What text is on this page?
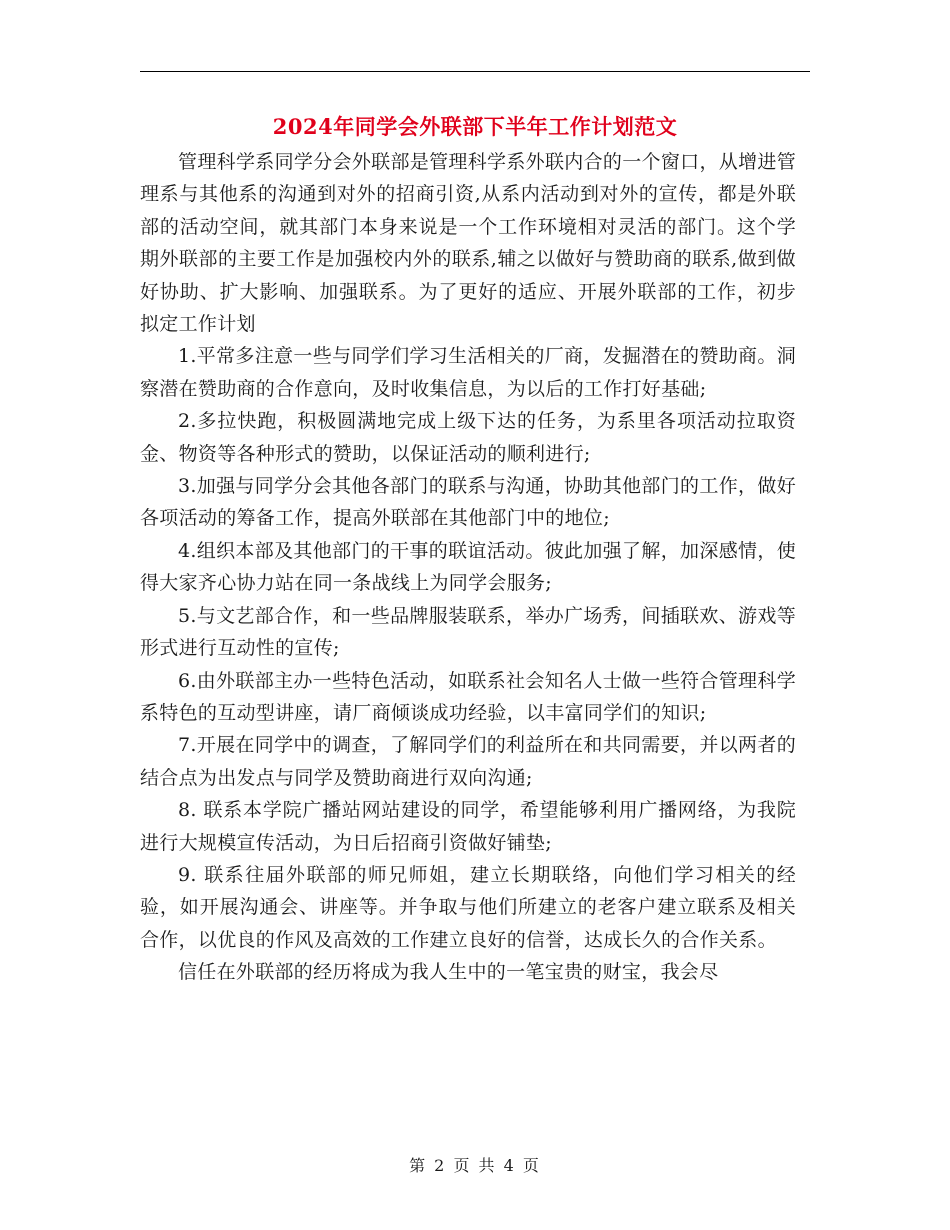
2024年同学会外联部下半年工作计划范文

管理科学系同学分会外联部是管理科学系外联内合的一个窗口，从增进管理系与其他系的沟通到对外的招商引资,从系内活动到对外的宣传，都是外联部的活动空间，就其部门本身来说是一个工作环境相对灵活的部门。这个学期外联部的主要工作是加强校内外的联系,辅之以做好与赞助商的联系,做到做好协助、扩大影响、加强联系。为了更好的适应、开展外联部的工作，初步拟定工作计划

1.平常多注意一些与同学们学习生活相关的厂商，发掘潜在的赞助商。洞察潜在赞助商的合作意向，及时收集信息，为以后的工作打好基础;

2.多拉快跑，积极圆满地完成上级下达的任务，为系里各项活动拉取资金、物资等各种形式的赞助，以保证活动的顺利进行;

3.加强与同学分会其他各部门的联系与沟通，协助其他部门的工作，做好各项活动的筹备工作，提高外联部在其他部门中的地位;

4.组织本部及其他部门的干事的联谊活动。彼此加强了解，加深感情，使得大家齐心协力站在同一条战线上为同学会服务;

5.与文艺部合作，和一些品牌服装联系，举办广场秀，间插联欢、游戏等形式进行互动性的宣传;

6.由外联部主办一些特色活动，如联系社会知名人士做一些符合管理科学系特色的互动型讲座，请厂商倾谈成功经验，以丰富同学们的知识;

7.开展在同学中的调查，了解同学们的利益所在和共同需要，并以两者的结合点为出发点与同学及赞助商进行双向沟通;

8. 联系本学院广播站网站建设的同学，希望能够利用广播网络，为我院进行大规模宣传活动，为日后招商引资做好铺垫;

9. 联系往届外联部的师兄师姐，建立长期联络，向他们学习相关的经验，如开展沟通会、讲座等。并争取与他们所建立的老客户建立联系及相关合作，以优良的作风及高效的工作建立良好的信誉，达成长久的合作关系。

信任在外联部的经历将成为我人生中的一笔宝贵的财宝，我会尽

第 2 页 共 4 页
